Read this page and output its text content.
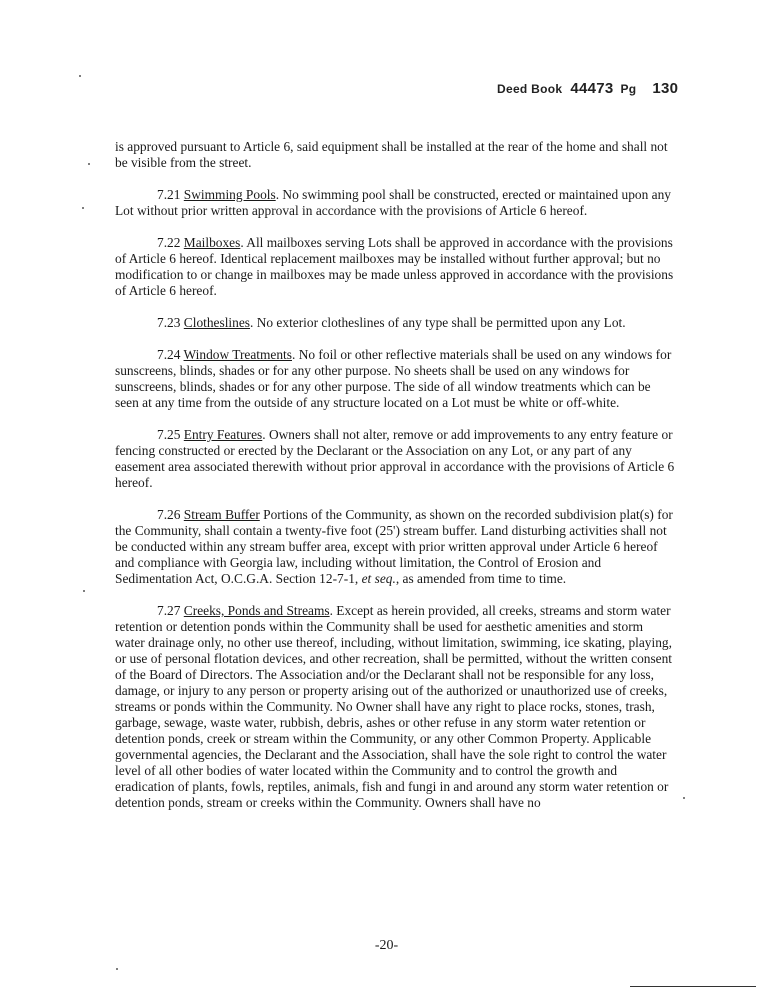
Deed Book 44473 Pg 130

is approved pursuant to Article 6, said equipment shall be installed at the rear of the home and shall not be visible from the street.

7.21 Swimming Pools. No swimming pool shall be constructed, erected or maintained upon any Lot without prior written approval in accordance with the provisions of Article 6 hereof.

7.22 Mailboxes. All mailboxes serving Lots shall be approved in accordance with the provisions of Article 6 hereof. Identical replacement mailboxes may be installed without further approval; but no modification to or change in mailboxes may be made unless approved in accordance with the provisions of Article 6 hereof.

7.23 Clotheslines. No exterior clotheslines of any type shall be permitted upon any Lot.

7.24 Window Treatments. No foil or other reflective materials shall be used on any windows for sunscreens, blinds, shades or for any other purpose. No sheets shall be used on any windows for sunscreens, blinds, shades or for any other purpose. The side of all window treatments which can be seen at any time from the outside of any structure located on a Lot must be white or off-white.

7.25 Entry Features. Owners shall not alter, remove or add improvements to any entry feature or fencing constructed or erected by the Declarant or the Association on any Lot, or any part of any easement area associated therewith without prior approval in accordance with the provisions of Article 6 hereof.

7.26 Stream Buffer Portions of the Community, as shown on the recorded subdivision plat(s) for the Community, shall contain a twenty-five foot (25') stream buffer. Land disturbing activities shall not be conducted within any stream buffer area, except with prior written approval under Article 6 hereof and compliance with Georgia law, including without limitation, the Control of Erosion and Sedimentation Act, O.C.G.A. Section 12-7-1, et seq., as amended from time to time.

7.27 Creeks, Ponds and Streams. Except as herein provided, all creeks, streams and storm water retention or detention ponds within the Community shall be used for aesthetic amenities and storm water drainage only, no other use thereof, including, without limitation, swimming, ice skating, playing, or use of personal flotation devices, and other recreation, shall be permitted, without the written consent of the Board of Directors. The Association and/or the Declarant shall not be responsible for any loss, damage, or injury to any person or property arising out of the authorized or unauthorized use of creeks, streams or ponds within the Community. No Owner shall have any right to place rocks, stones, trash, garbage, sewage, waste water, rubbish, debris, ashes or other refuse in any storm water retention or detention ponds, creek or stream within the Community, or any other Common Property. Applicable governmental agencies, the Declarant and the Association, shall have the sole right to control the water level of all other bodies of water located within the Community and to control the growth and eradication of plants, fowls, reptiles, animals, fish and fungi in and around any storm water retention or detention ponds, stream or creeks within the Community. Owners shall have no

-20-
